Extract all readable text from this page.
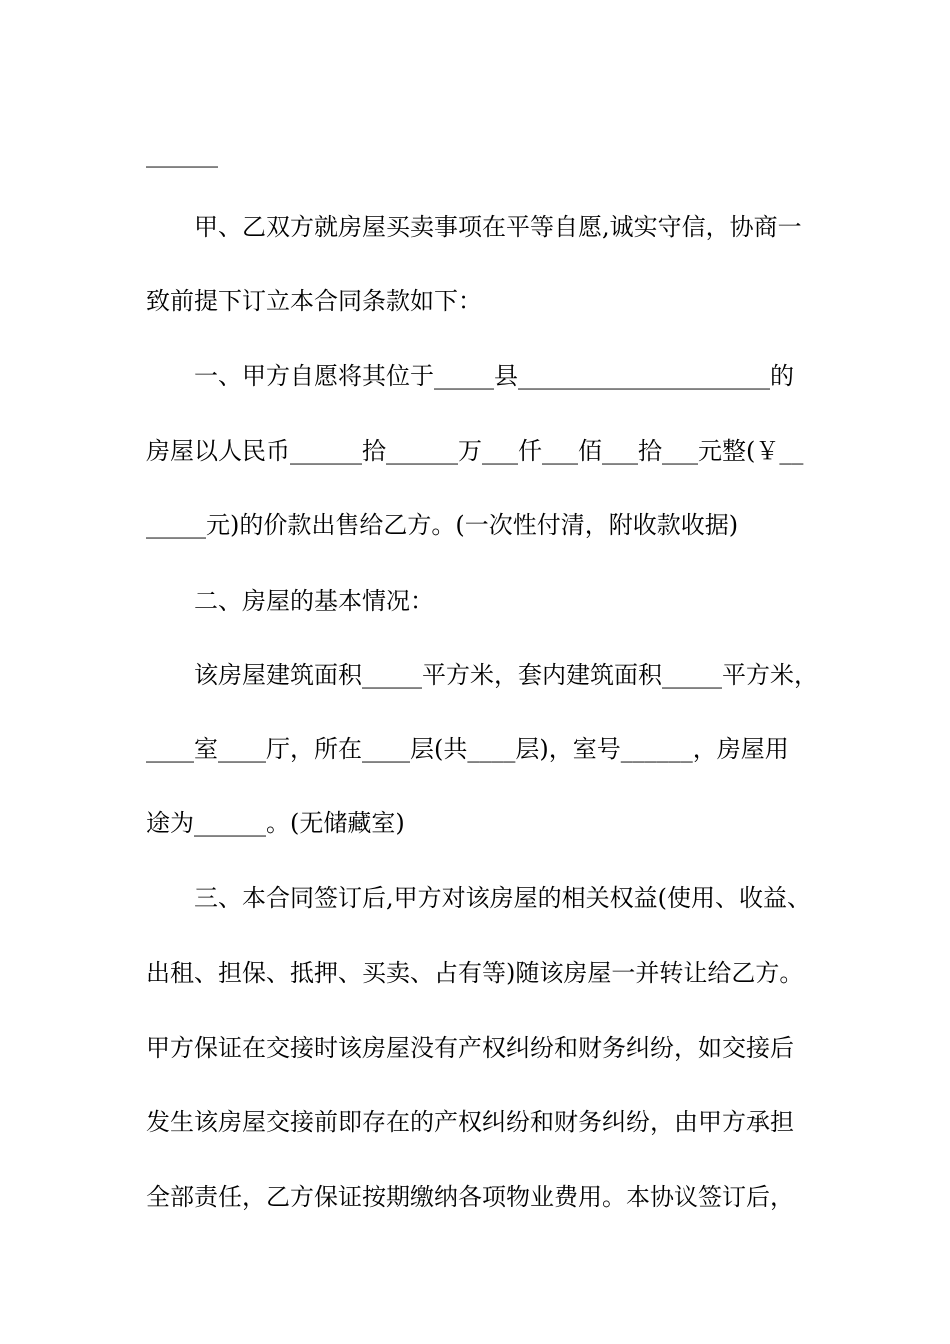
______
甲、乙双方就房屋买卖事项在平等自愿,诚实守信，协商一
致前提下订立本合同条款如下：
一、甲方自愿将其位于_____县_____________________的
房屋以人民币______拾______万___仟___佰___拾___元整(￥__
_____元)的价款出售给乙方。(一次性付清，附收款收据)
二、房屋的基本情况：
该房屋建筑面积_____平方米，套内建筑面积_____平方米，
____室____厅，所在____层(共____层)，室号______，房屋用
途为______。(无储藏室)
三、本合同签订后,甲方对该房屋的相关权益(使用、收益、
出租、担保、抵押、买卖、占有等)随该房屋一并转让给乙方。
甲方保证在交接时该房屋没有产权纠纷和财务纠纷，如交接后
发生该房屋交接前即存在的产权纠纷和财务纠纷，由甲方承担
全部责任，乙方保证按期缴纳各项物业费用。本协议签订后，
